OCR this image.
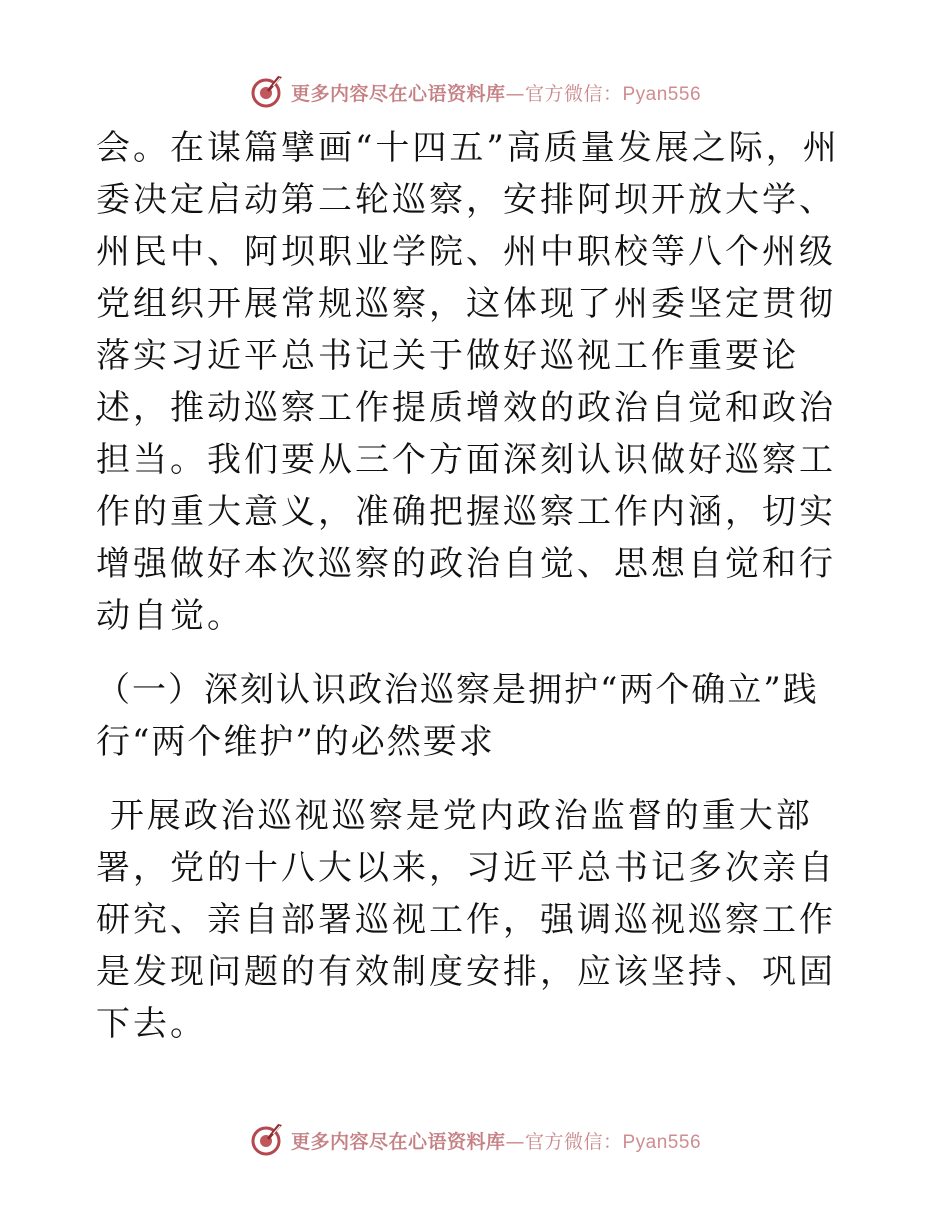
更多内容尽在心语资料库—官方微信：Pyan556

会。在谋篇擘画“十四五”高质量发展之际，州委决定启动第二轮巡察，安排阿坝开放大学、州民中、阿坝职业学院、州中职校等八个州级党组织开展常规巡察，这体现了州委坚定贯彻落实习近平总书记关于做好巡视工作重要论述，推动巡察工作提质增效的政治自觉和政治担当。我们要从三个方面深刻认识做好巡察工作的重大意义，准确把握巡察工作内涵，切实增强做好本次巡察的政治自觉、思想自觉和行动自觉。

（一）深刻认识政治巡察是拥护“两个确立”践行“两个维护”的必然要求

开展政治巡视巡察是党内政治监督的重大部署，党的十八大以来，习近平总书记多次亲自研究、亲自部署巡视工作，强调巡视巡察工作是发现问题的有效制度安排，应该坚持、巩固下去。

更多内容尽在心语资料库—官方微信：Pyan556
